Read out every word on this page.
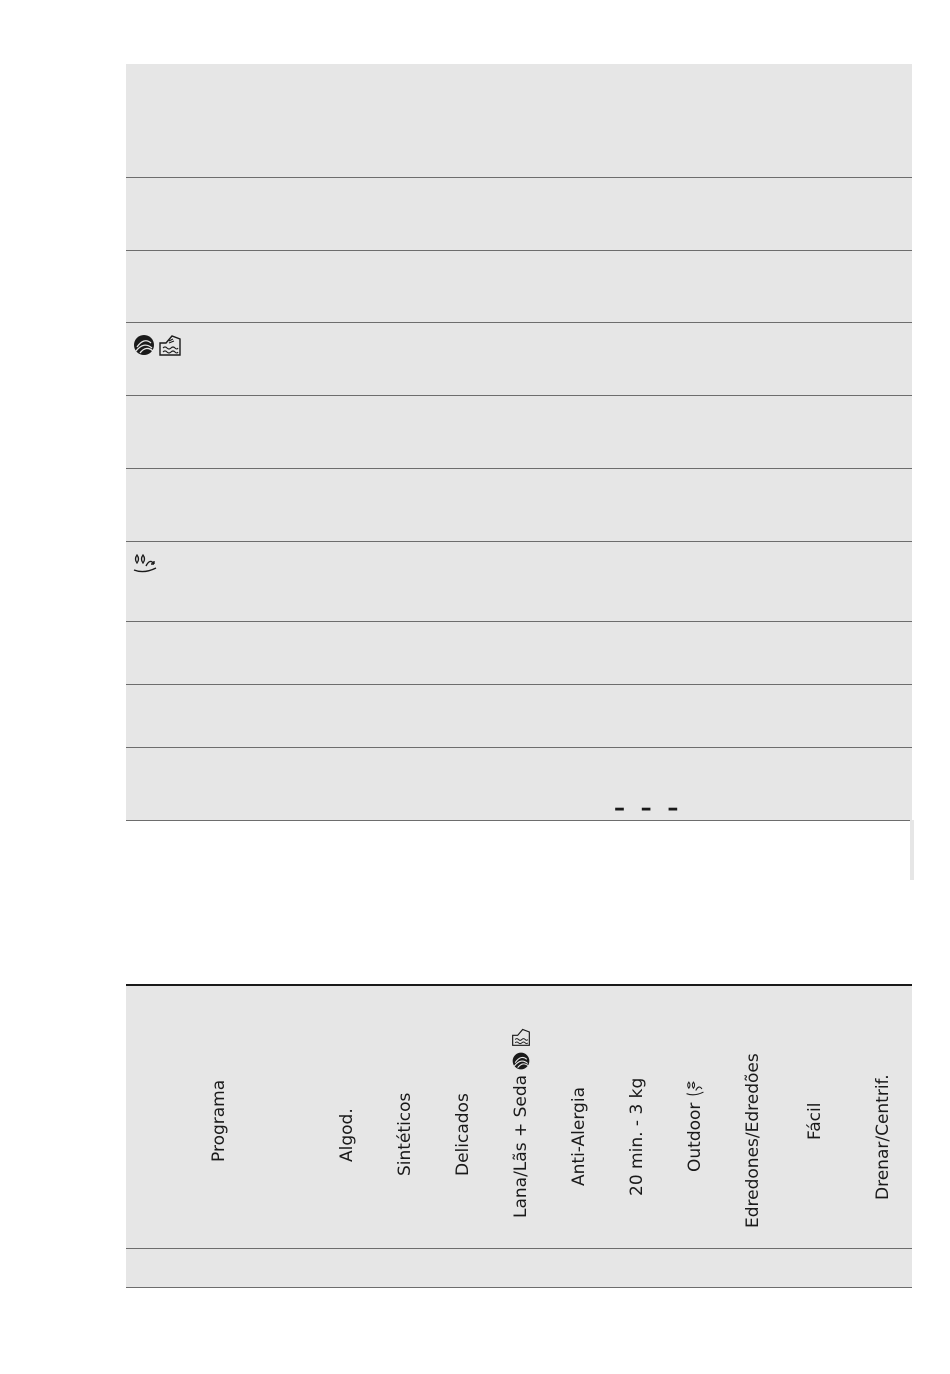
– – –
Programa	Algod. Sintéticos Delicados Lana/Lãs + Seda Anti-Alergia 20 min. - 3 kg Outdoor Edredones/Edredões Fácil	Drenar/Centrif.
